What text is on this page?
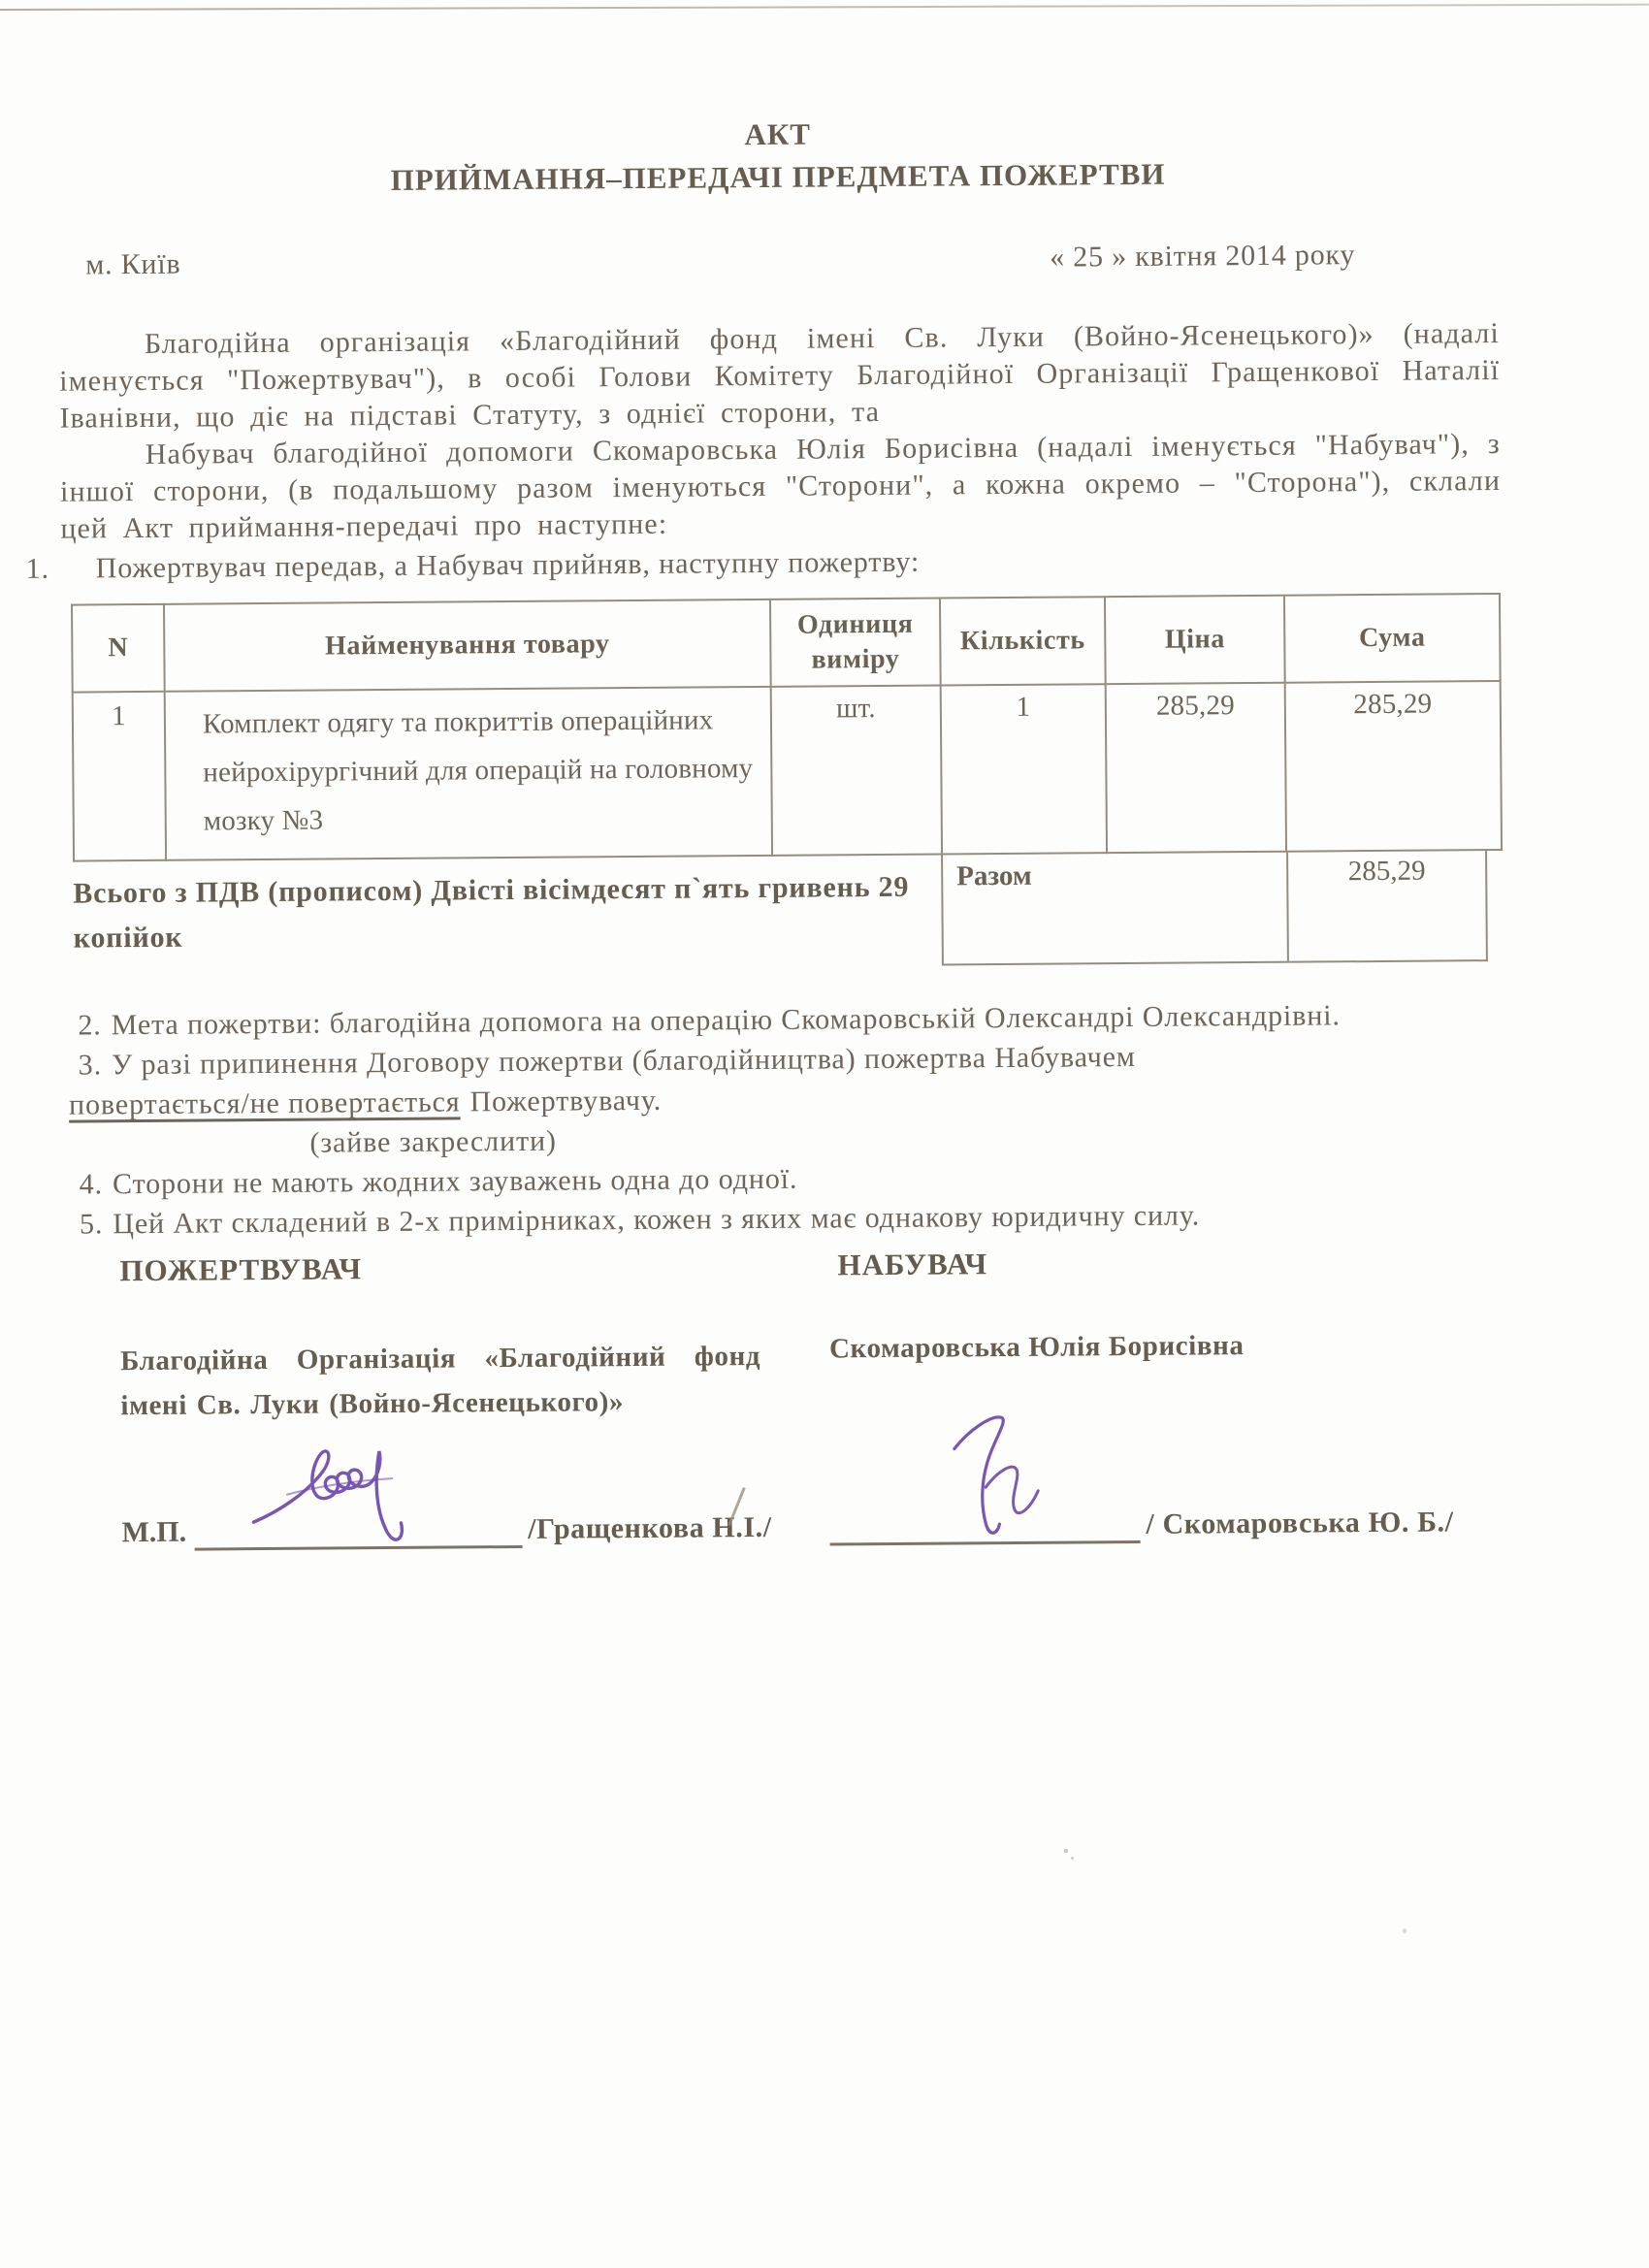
АКТ
ПРИЙМАННЯ–ПЕРЕДАЧІ ПРЕДМЕТА ПОЖЕРТВИ
м. Київ	« 25 » квітня 2014 року

Благодійна організація «Благодійний фонд імені Св. Луки (Войно-Ясенецького)» (надалі іменується "Пожертвувач"), в особі Голови Комітету Благодійної Організації Гращенкової Наталії Іванівни, що діє на підставі Статуту, з однієї сторони, та

Набувач благодійної допомоги Скомаровська Юлія Борисівна (надалі іменується "Набувач"), з іншої сторони, (в подальшому разом іменуються "Сторони", а кожна окремо – "Сторона"), склали цей Акт приймання-передачі про наступне:

1. Пожертвувач передав, а Набувач прийняв, наступну пожертву:
N	Найменування товару	Одиниця виміру	Кількість	Ціна	Сума
1	Комплект одягу та покриттів операційних нейрохірургічний для операцій на головному мозку №3	шт.	1	285,29	285,29
Всього з ПДВ (прописом) Двісті вісімдесят п`ять гривень 29 копійок
Разом	285,29

2. Мета пожертви: благодійна допомога на операцію Скомаровській Олександрі Олександрівні.

3. У разі припинення Договору пожертви (благодійництва) пожертва Набувачем

повертається/не повертається Пожертвувачу.

(зайве закреслити)

4. Сторони не мають жодних зауважень одна до одної.

5. Цей Акт складений в 2-х примірниках, кожен з яких має однакову юридичну силу.

ПОЖЕРТВУВАЧ	НАБУВАЧ
Благодійна Організація «Благодійний фонд імені Св. Луки (Войно-Ясенецького)»
Скомаровська Юлія Борисівна
М.П.	/Гращенкова Н.І./	/ Скомаровська Ю. Б./
